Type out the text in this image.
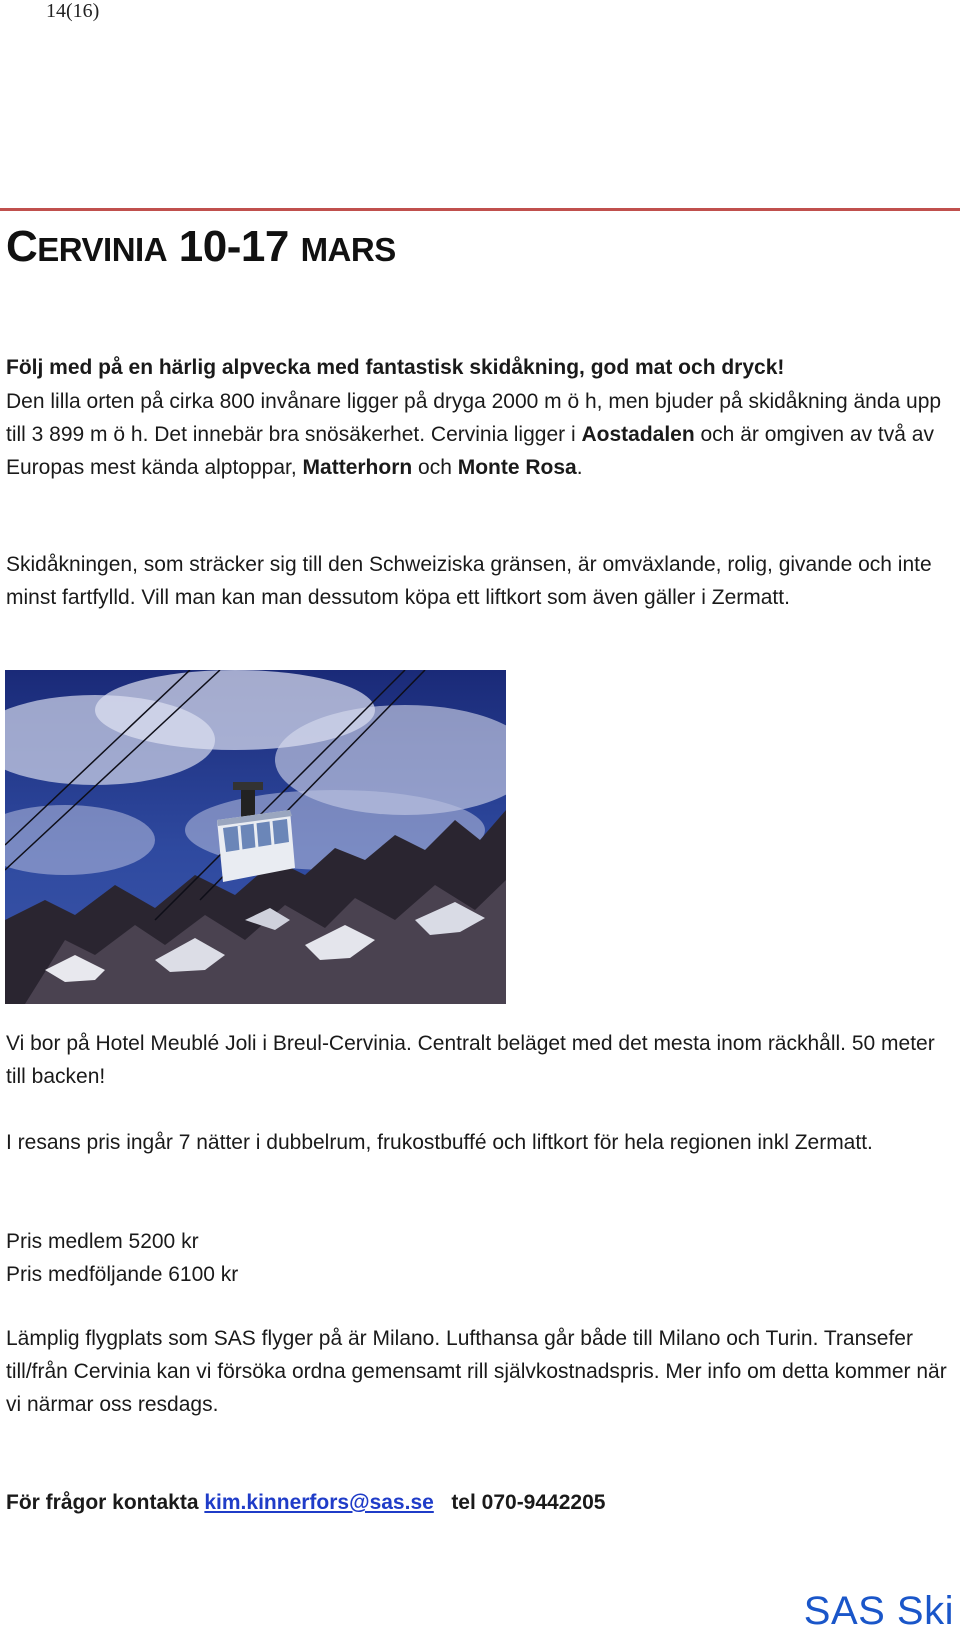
14(16)
CERVINIA 10-17 MARS

Följ med på en härlig alpvecka med fantastisk skidåkning, god mat och dryck!

Den lilla orten på cirka 800 invånare ligger på dryga 2000 m ö h, men bjuder på skidåkning ända upp till 3 899 m ö h. Det innebär bra snösäkerhet. Cervinia ligger i Aostadalen och är omgiven av två av Europas mest kända alptoppar, Matterhorn och Monte Rosa.

Skidåkningen, som sträcker sig till den Schweiziska gränsen, är omväxlande, rolig, givande och inte minst fartfylld. Vill man kan man dessutom köpa ett liftkort som även gäller i Zermatt.

Vi bor på Hotel Meublé Joli i Breul-Cervinia. Centralt beläget med det mesta inom räckhåll. 50 meter till backen!

I resans pris ingår 7 nätter i dubbelrum, frukostbuffé och liftkort för hela regionen inkl Zermatt.

Pris medlem 5200 kr

Pris medföljande 6100 kr

Lämplig flygplats som SAS flyger på är Milano. Lufthansa går både till Milano och Turin. Transefer till/från Cervinia kan vi försöka ordna gemensamt rill självkostnadspris. Mer info om detta kommer när vi närmar oss resdags.

För frågor kontakta kim.kinnerfors@sas.se tel 070-9442205

SAS Ski
